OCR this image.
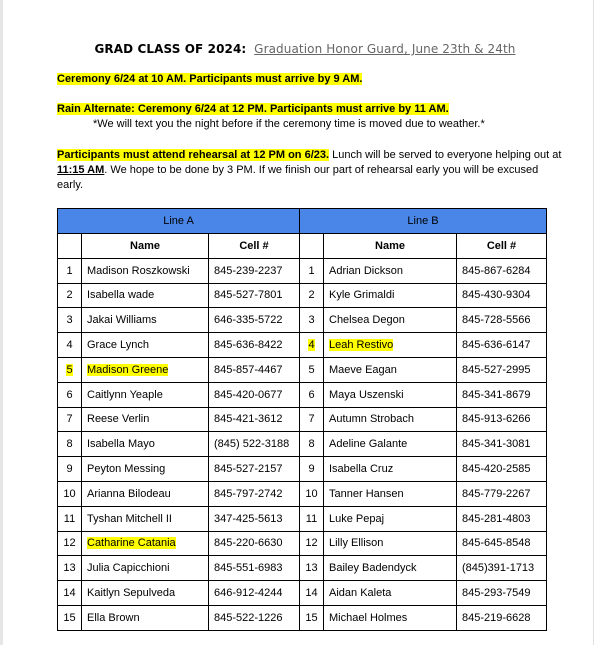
GRAD CLASS OF 2024: Graduation Honor Guard, June 23th & 24th
Ceremony 6/24 at 10 AM. Participants must arrive by 9 AM.
Rain Alternate: Ceremony 6/24 at 12 PM. Participants must arrive by 11 AM.
*We will text you the night before if the ceremony time is moved due to weather.*
Participants must attend rehearsal at 12 PM on 6/23. Lunch will be served to everyone helping out at 11:15 AM. We hope to be done by 3 PM. If we finish our part of rehearsal early you will be excused early.
Line A			Line B		
	Name	Cell #		Name	Cell #
1	Madison Roszkowski	845-239-2237	1	Adrian Dickson	845-867-6284
2	Isabella wade	845-527-7801	2	Kyle Grimaldi	845-430-9304
3	Jakai Williams	646-335-5722	3	Chelsea Degon	845-728-5566
4	Grace Lynch	845-636-8422	4	Leah Restivo	845-636-6147
5	Madison Greene	845-857-4467	5	Maeve Eagan	845-527-2995
6	Caitlynn Yeaple	845-420-0677	6	Maya Uszenski	845-341-8679
7	Reese Verlin	845-421-3612	7	Autumn Strobach	845-913-6266
8	Isabella Mayo	(845) 522-3188	8	Adeline Galante	845-341-3081
9	Peyton Messing	845-527-2157	9	Isabella Cruz	845-420-2585
10	Arianna Bilodeau	845-797-2742	10	Tanner Hansen	845-779-2267
11	Tyshan Mitchell II	347-425-5613	11	Luke Pepaj	845-281-4803
12	Catharine Catania	845-220-6630	12	Lilly Ellison	845-645-8548
13	Julia Capicchioni	845-551-6983	13	Bailey Badendyck	(845)391-1713
14	Kaitlyn Sepulveda	646-912-4244	14	Aidan Kaleta	845-293-7549
15	Ella Brown	845-522-1226	15	Michael Holmes	845-219-6628
